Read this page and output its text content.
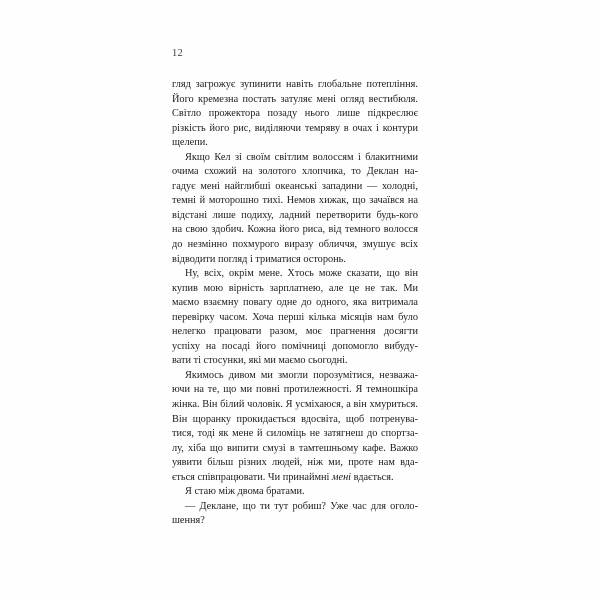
12

гляд загрожує зупинити навіть глобальне потепління.
Його кремезна постать затуляє мені огляд вестибюля.
Світло прожектора позаду нього лише підкреслює
різкість його рис, виділяючи темряву в очах і контури
щелепи.

Якщо Кел зі своїм світлим волоссям і блакитними
очима схожий на золотого хлопчика, то Деклан на-
гадує мені найглибші океанські западини — холодні,
темні й моторошно тихі. Немов хижак, що зачаївся на
відстані лише подиху, ладний перетворити будь-кого
на свою здобич. Кожна його риса, від темного волосся
до незмінно похмурого виразу обличчя, змушує всіх
відводити погляд і триматися осторонь.

Ну, всіх, окрім мене. Хтось може сказати, що він
купив мою вірність зарплатнею, але це не так. Ми
маємо взаємну повагу одне до одного, яка витримала
перевірку часом. Хоча перші кілька місяців нам було
нелегко працювати разом, моє прагнення досягти
успіху на посаді його помічниці допомогло вибуду-
вати ті стосунки, які ми маємо сьогодні.

Якимось дивом ми змогли порозумітися, незважа-
ючи на те, що ми повні протилежності. Я темношкіра
жінка. Він білий чоловік. Я усміхаюся, а він хмуриться.
Він щоранку прокидається вдосвіта, щоб потренува-
тися, тоді як мене й силоміць не затягнеш до спортза-
лу, хіба що випити смузі в тамтешньому кафе. Важко
уявити більш різних людей, ніж ми, проте нам вда-
ється співпрацювати. Чи принаймні мені вдається.

Я стаю між двома братами.

— Деклане, що ти тут робиш? Уже час для оголо-
шення?
